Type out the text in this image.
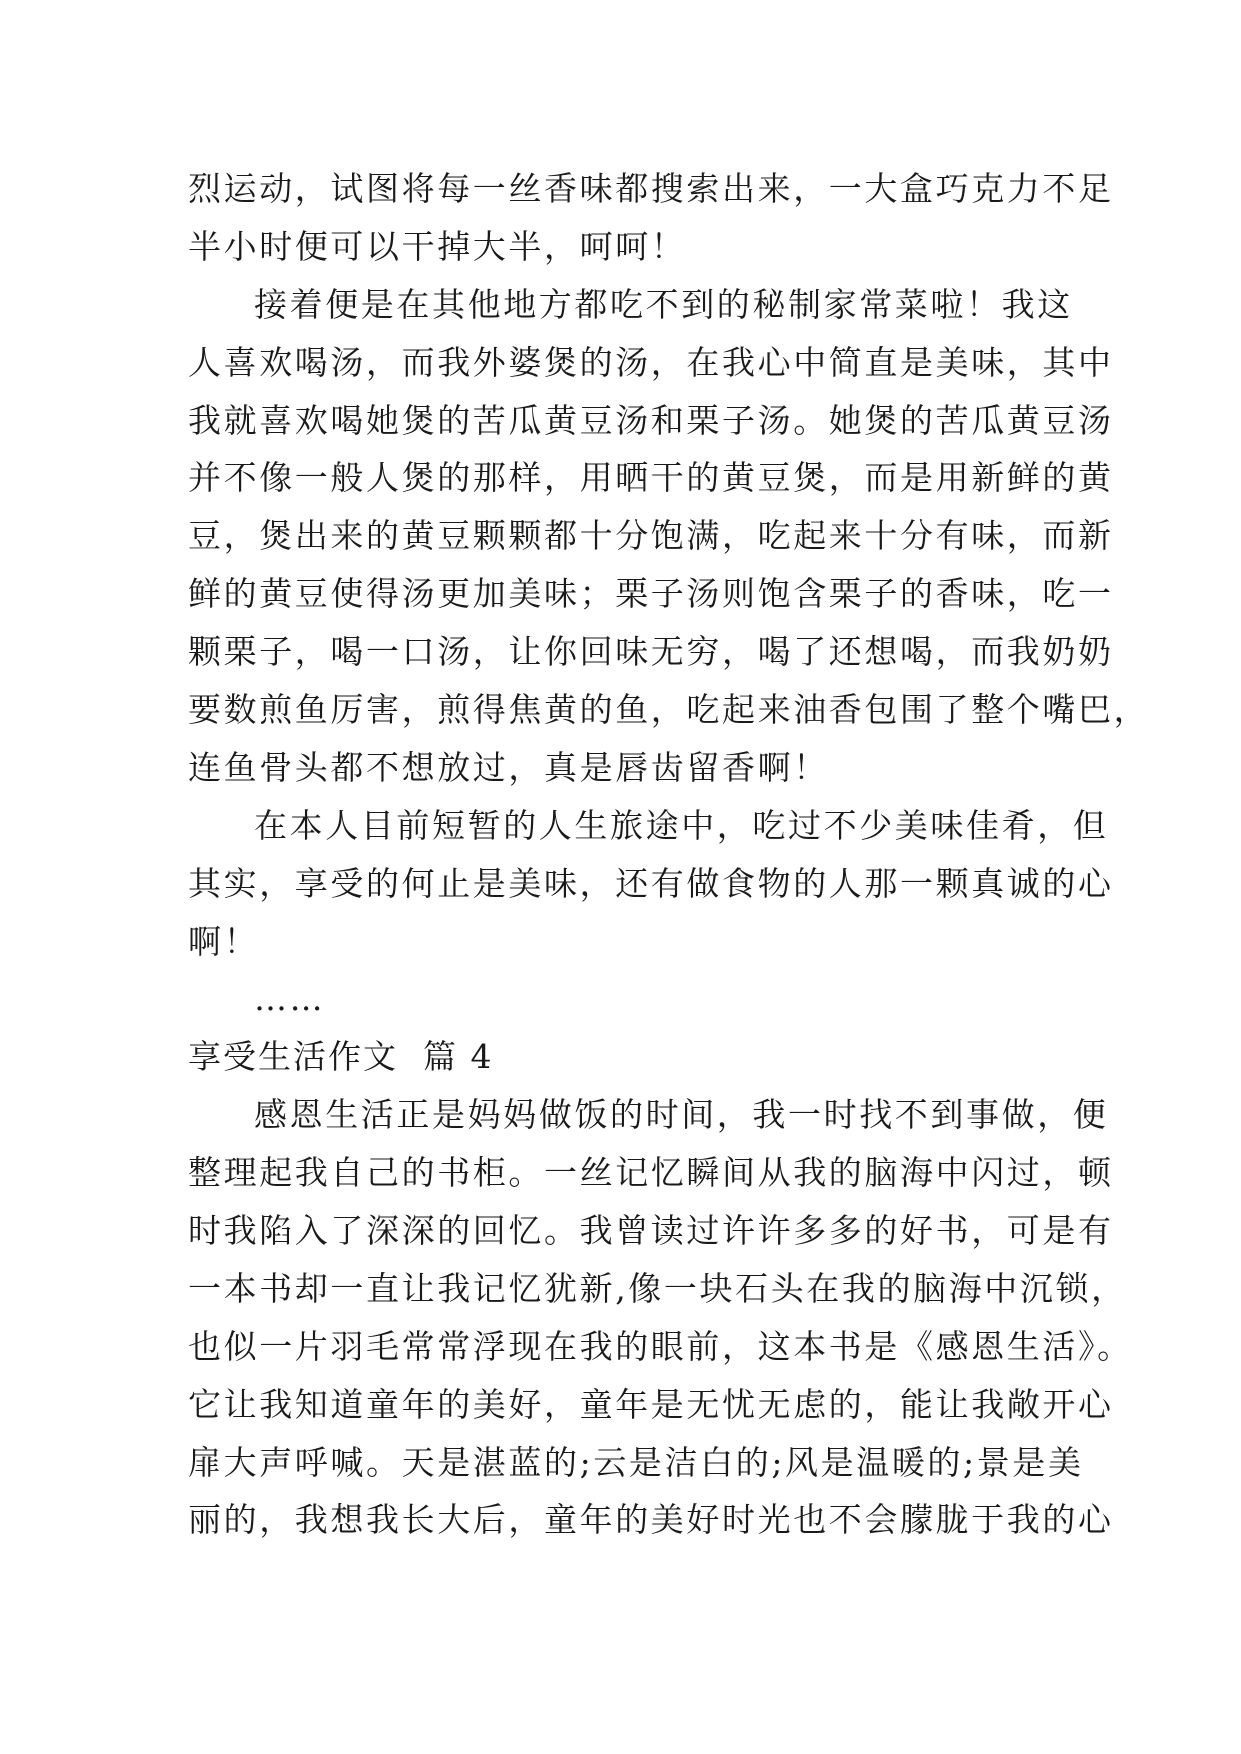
烈运动，试图将每一丝香味都搜索出来，一大盒巧克力不足
半小时便可以干掉大半，呵呵！
接着便是在其他地方都吃不到的秘制家常菜啦！我这
人喜欢喝汤，而我外婆煲的汤，在我心中简直是美味，其中
我就喜欢喝她煲的苦瓜黄豆汤和栗子汤。她煲的苦瓜黄豆汤
并不像一般人煲的那样，用晒干的黄豆煲，而是用新鲜的黄
豆，煲出来的黄豆颗颗都十分饱满，吃起来十分有味，而新
鲜的黄豆使得汤更加美味；栗子汤则饱含栗子的香味，吃一
颗栗子，喝一口汤，让你回味无穷，喝了还想喝，而我奶奶
要数煎鱼厉害，煎得焦黄的鱼，吃起来油香包围了整个嘴巴，
连鱼骨头都不想放过，真是唇齿留香啊！
在本人目前短暂的人生旅途中，吃过不少美味佳肴，但
其实，享受的何止是美味，还有做食物的人那一颗真诚的心
啊！
……
享受生活作文  篇 4
感恩生活正是妈妈做饭的时间，我一时找不到事做，便
整理起我自己的书柜。一丝记忆瞬间从我的脑海中闪过，顿
时我陷入了深深的回忆。我曾读过许许多多的好书，可是有
一本书却一直让我记忆犹新,像一块石头在我的脑海中沉锁，
也似一片羽毛常常浮现在我的眼前，这本书是《感恩生活》。
它让我知道童年的美好，童年是无忧无虑的，能让我敞开心
扉大声呼喊。天是湛蓝的;云是洁白的;风是温暖的;景是美
丽的，我想我长大后，童年的美好时光也不会朦胧于我的心
